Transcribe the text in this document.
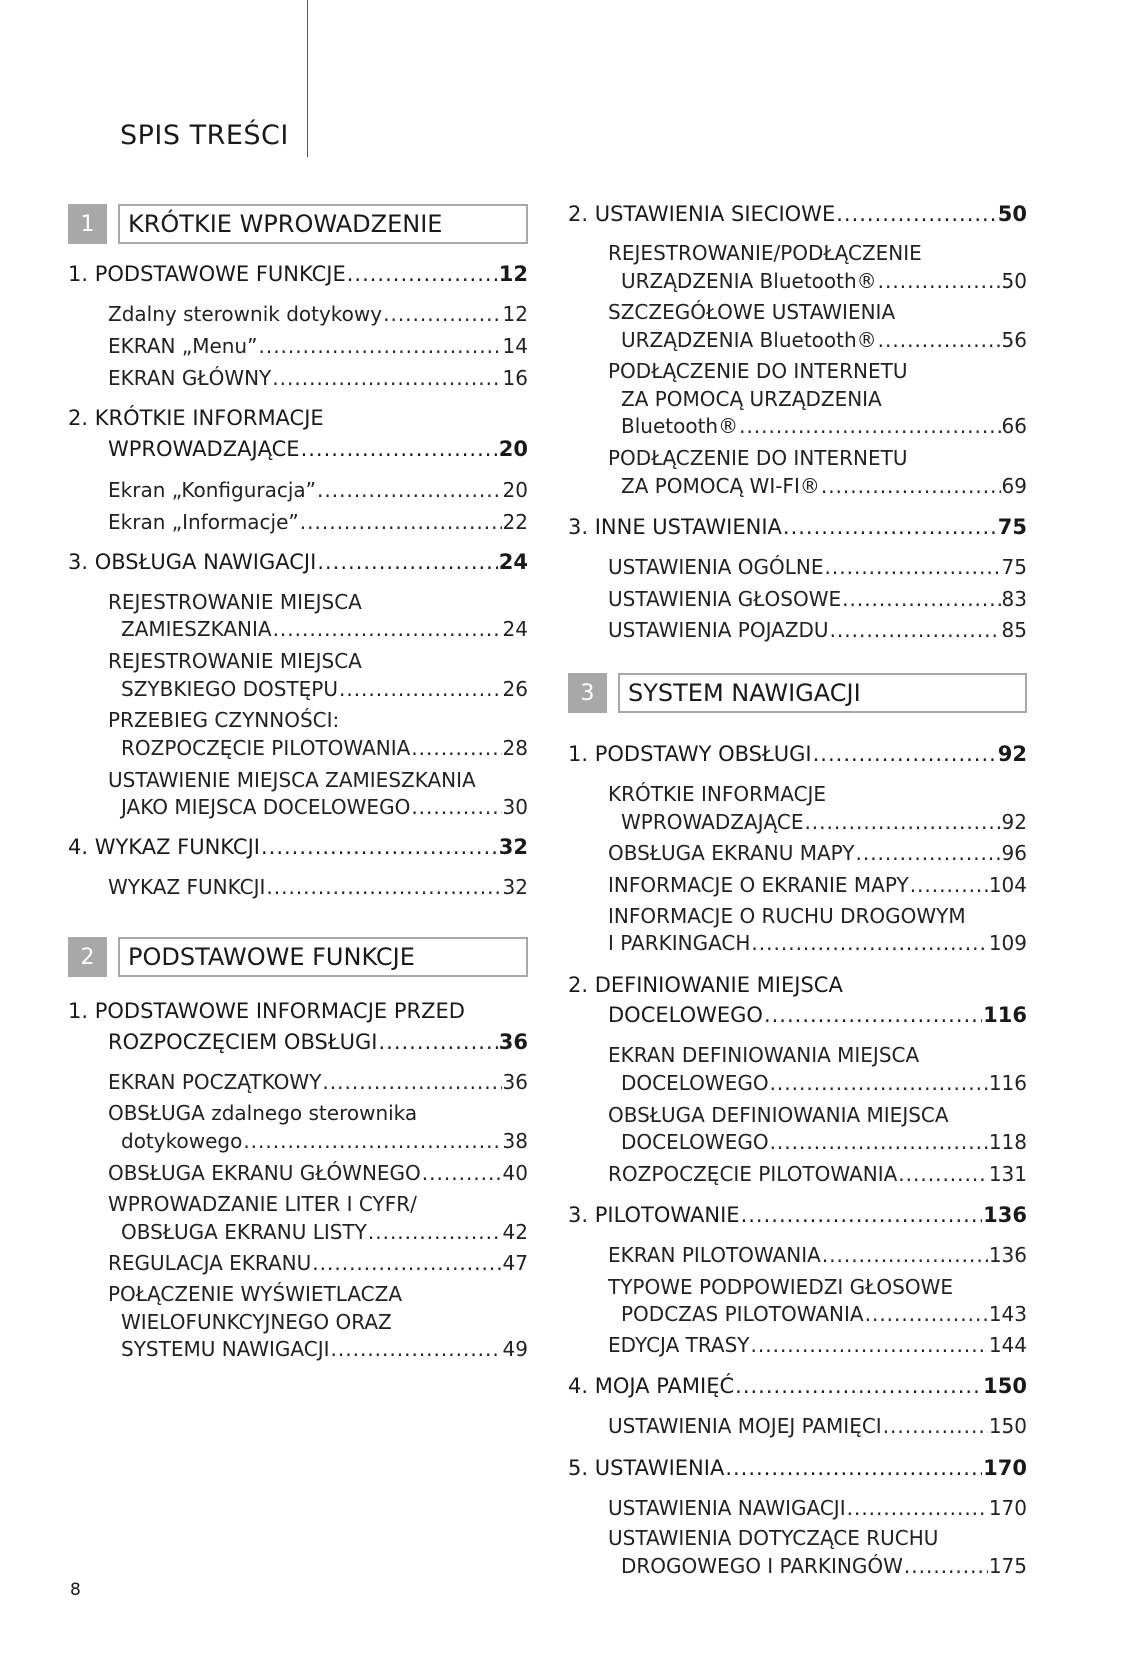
SPIS TREŚCI
1	KRÓTKIE WPROWADZENIE
1. PODSTAWOWE FUNKCJE .....	12
Zdalny sterownik dotykowy .....	12
EKRAN „Menu” .....	14
EKRAN GŁÓWNY .....	16
2. KRÓTKIE INFORMACJE
WPROWADZAJĄCE .....	20
Ekran „Konfiguracja” .....	20
Ekran „Informacje” .....	22
3. OBSŁUGA NAWIGACJI .....	24
REJESTROWANIE MIEJSCA
ZAMIESZKANIA .....	24
REJESTROWANIE MIEJSCA
SZYBKIEGO DOSTĘPU .....	26
PRZEBIEG CZYNNOŚCI:
ROZPOCZĘCIE PILOTOWANIA .....	28
USTAWIENIE MIEJSCA ZAMIESZKANIA
JAKO MIEJSCA DOCELOWEGO .....	30
4. WYKAZ FUNKCJI .....	32
WYKAZ FUNKCJI .....	32
2	PODSTAWOWE FUNKCJE
1. PODSTAWOWE INFORMACJE PRZED
ROZPOCZĘCIEM OBSŁUGI .....	36
EKRAN POCZĄTKOWY .....	36
OBSŁUGA zdalnego sterownika
dotykowego .....	38
OBSŁUGA EKRANU GŁÓWNEGO .....	40
WPROWADZANIE LITER I CYFR/
OBSŁUGA EKRANU LISTY .....	42
REGULACJA EKRANU .....	47
POŁĄCZENIE WYŚWIETLACZA
WIELOFUNKCYJNEGO ORAZ
SYSTEMU NAWIGACJI .....	49
2. USTAWIENIA SIECIOWE .....	50
REJESTROWANIE/PODŁĄCZENIE
URZĄDZENIA Bluetooth® .....	50
SZCZEGÓŁOWE USTAWIENIA
URZĄDZENIA Bluetooth® .....	56
PODŁĄCZENIE DO INTERNETU
ZA POMOCĄ URZĄDZENIA
Bluetooth® .....	66
PODŁĄCZENIE DO INTERNETU
ZA POMOCĄ WI-FI® .....	69
3. INNE USTAWIENIA .....	75
USTAWIENIA OGÓLNE .....	75
USTAWIENIA GŁOSOWE .....	83
USTAWIENIA POJAZDU .....	85
3	SYSTEM NAWIGACJI
1. PODSTAWY OBSŁUGI .....	92
KRÓTKIE INFORMACJE
WPROWADZAJĄCE .....	92
OBSŁUGA EKRANU MAPY .....	96
INFORMACJE O EKRANIE MAPY .....	104
INFORMACJE O RUCHU DROGOWYM
I PARKINGACH .....	109
2. DEFINIOWANIE MIEJSCA
DOCELOWEGO .....	116
EKRAN DEFINIOWANIA MIEJSCA
DOCELOWEGO .....	116
OBSŁUGA DEFINIOWANIA MIEJSCA
DOCELOWEGO .....	118
ROZPOCZĘCIE PILOTOWANIA .....	131
3. PILOTOWANIE .....	136
EKRAN PILOTOWANIA .....	136
TYPOWE PODPOWIEDZI GŁOSOWE
PODCZAS PILOTOWANIA .....	143
EDYCJA TRASY .....	144
4. MOJA PAMIĘĆ .....	150
USTAWIENIA MOJEJ PAMIĘCI .....	150
5. USTAWIENIA .....	170
USTAWIENIA NAWIGACJI .....	170
USTAWIENIA DOTYCZĄCE RUCHU
DROGOWEGO I PARKINGÓW .....	175
8
